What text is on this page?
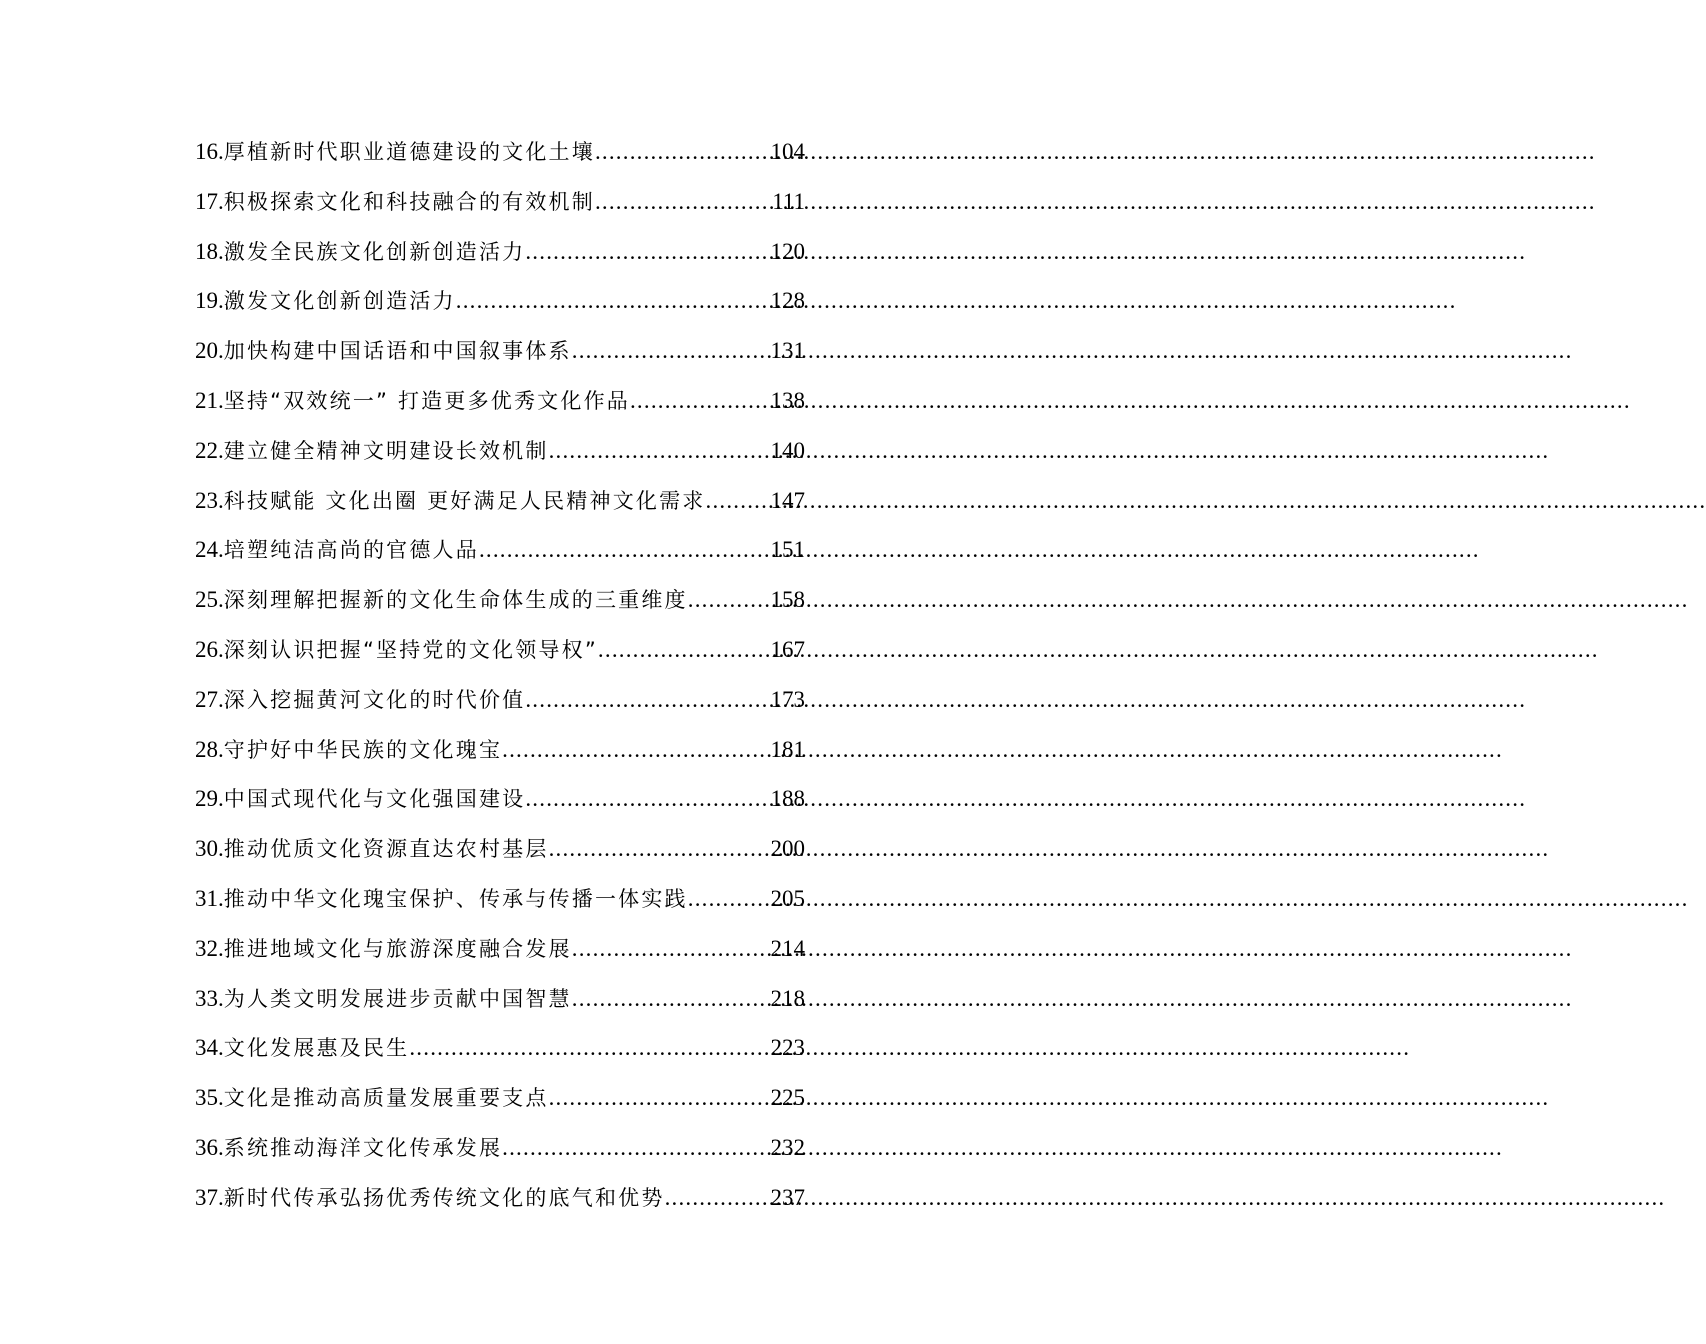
16. 厚植新时代职业道德建设的文化土壤 .....	104
17. 积极探索文化和科技融合的有效机制 .....	111
18. 激发全民族文化创新创造活力 .....	120
19. 激发文化创新创造活力 .....	128
20. 加快构建中国话语和中国叙事体系 .....	131
21. 坚持“双效统一” 打造更多优秀文化作品 .....	138
22. 建立健全精神文明建设长效机制 .....	140
23. 科技赋能 文化出圈 更好满足人民精神文化需求 .....	147
24. 培塑纯洁高尚的官德人品 .....	151
25. 深刻理解把握新的文化生命体生成的三重维度 .....	158
26. 深刻认识把握“坚持党的文化领导权” .....	167
27. 深入挖掘黄河文化的时代价值 .....	173
28. 守护好中华民族的文化瑰宝 .....	181
29. 中国式现代化与文化强国建设 .....	188
30. 推动优质文化资源直达农村基层 .....	200
31. 推动中华文化瑰宝保护、传承与传播一体实践 .....	205
32. 推进地域文化与旅游深度融合发展 .....	214
33. 为人类文明发展进步贡献中国智慧 .....	218
34. 文化发展惠及民生 .....	223
35. 文化是推动高质量发展重要支点 .....	225
36. 系统推动海洋文化传承发展 .....	232
37. 新时代传承弘扬优秀传统文化的底气和优势 .....	237
